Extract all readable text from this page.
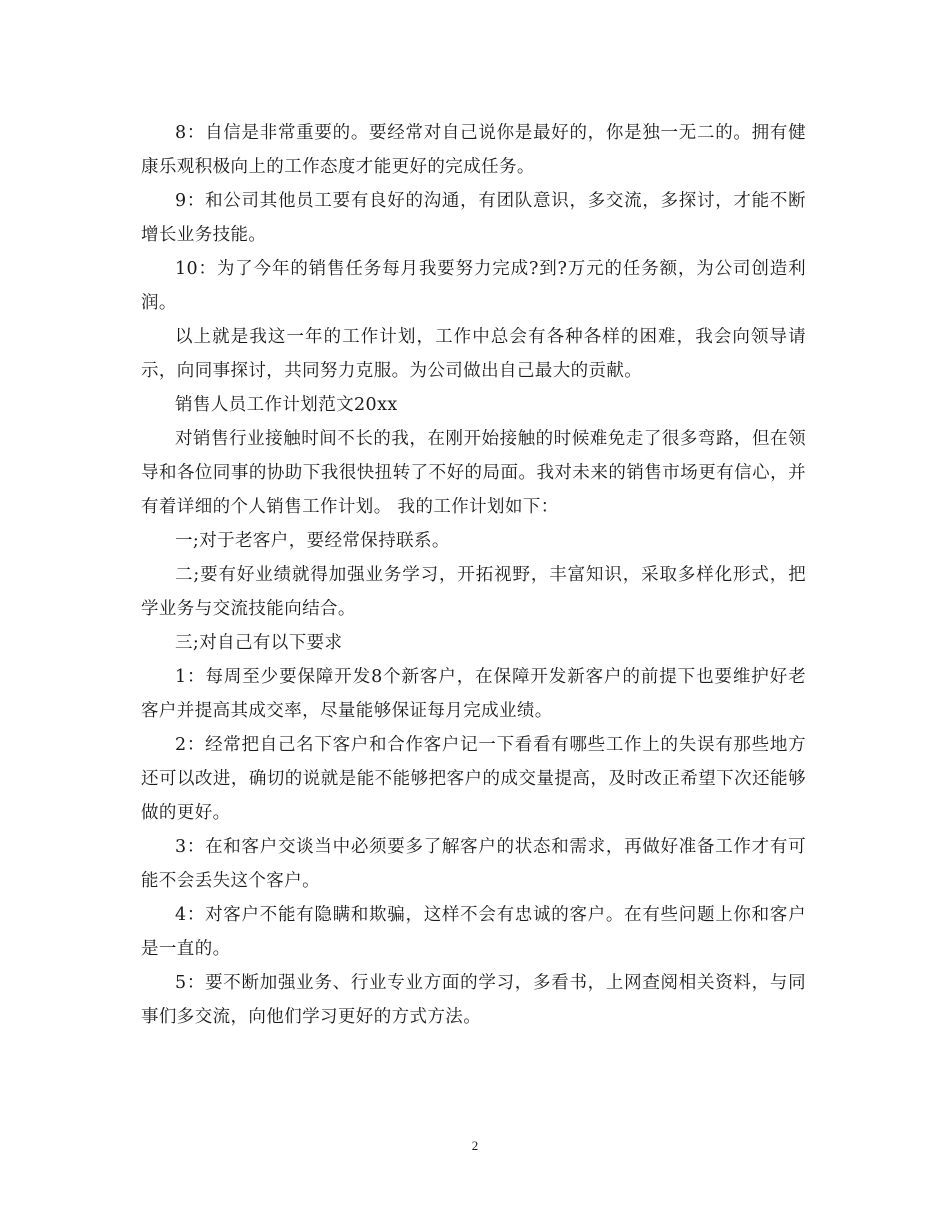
8：自信是非常重要的。要经常对自己说你是最好的，你是独一无二的。拥有健康乐观积极向上的工作态度才能更好的完成任务。

9：和公司其他员工要有良好的沟通，有团队意识，多交流，多探讨，才能不断增长业务技能。

10：为了今年的销售任务每月我要努力完成?到?万元的任务额，为公司创造利润。

以上就是我这一年的工作计划，工作中总会有各种各样的困难，我会向领导请示，向同事探讨，共同努力克服。为公司做出自己最大的贡献。

销售人员工作计划范文20xx

对销售行业接触时间不长的我，在刚开始接触的时候难免走了很多弯路，但在领导和各位同事的协助下我很快扭转了不好的局面。我对未来的销售市场更有信心，并有着详细的个人销售工作计划。 我的工作计划如下：

一;对于老客户，要经常保持联系。

二;要有好业绩就得加强业务学习，开拓视野，丰富知识，采取多样化形式，把学业务与交流技能向结合。

三;对自己有以下要求

1：每周至少要保障开发8个新客户，在保障开发新客户的前提下也要维护好老客户并提高其成交率，尽量能够保证每月完成业绩。

2：经常把自己名下客户和合作客户记一下看看有哪些工作上的失误有那些地方还可以改进，确切的说就是能不能够把客户的成交量提高，及时改正希望下次还能够做的更好。

3：在和客户交谈当中必须要多了解客户的状态和需求，再做好准备工作才有可能不会丢失这个客户。

4：对客户不能有隐瞒和欺骗，这样不会有忠诚的客户。在有些问题上你和客户是一直的。

5：要不断加强业务、行业专业方面的学习，多看书，上网查阅相关资料，与同事们多交流，向他们学习更好的方式方法。

2
